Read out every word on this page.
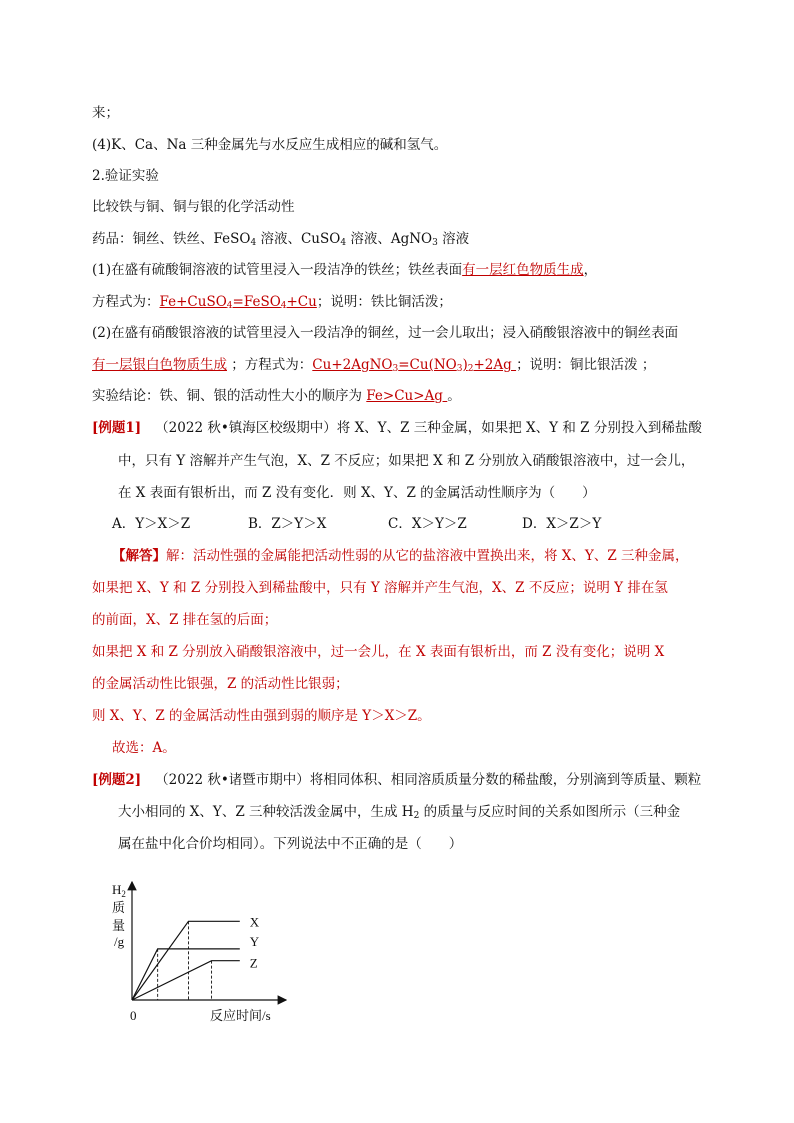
来；
(4)K、Ca、Na 三种金属先与水反应生成相应的碱和氢气。
2.验证实验
比较铁与铜、铜与银的化学活动性
药品：铜丝、铁丝、FeSO$_4$ 溶液、CuSO$_4$ 溶液、AgNO$_3$ 溶液
(1)在盛有硫酸铜溶液的试管里浸入一段洁净的铁丝；铁丝表面有一层红色物质生成，
方程式为：Fe+CuSO$_4$=FeSO$_4$+Cu；说明：铁比铜活泼；
(2)在盛有硝酸银溶液的试管里浸入一段洁净的铜丝，过一会儿取出；浸入硝酸银溶液中的铜丝表面
有一层银白色物质生成 ；方程式为：$Cu+2AgNO_3=Cu(NO_3)_2+2Ag$ ；说明：铜比银活泼 ；
实验结论：铁、铜、银的活动性大小的顺序为 Fe>Cu>Ag 。
[例题1] （2022 秋•镇海区校级期中）将 X、Y、Z 三种金属，如果把 X、Y 和 Z 分别投入到稀盐酸
中，只有 Y 溶解并产生气泡，X、Z 不反应；如果把 X 和 Z 分别放入硝酸银溶液中，过一会儿，
在 X 表面有银析出，而 Z 没有变化．则 X、Y、Z 的金属活动性顺序为（　　）
A．Y＞X＞Z	B．Z＞Y＞X	C．X＞Y＞Z	D．X＞Z＞Y
【解答】解：活动性强的金属能把活动性弱的从它的盐溶液中置换出来，将 X、Y、Z 三种金属，
如果把 X、Y 和 Z 分别投入到稀盐酸中，只有 Y 溶解并产生气泡，X、Z 不反应；说明 Y 排在氢
的前面，X、Z 排在氢的后面；
如果把 X 和 Z 分别放入硝酸银溶液中，过一会儿，在 X 表面有银析出，而 Z 没有变化；说明 X
的金属活动性比银强，Z 的活动性比银弱；
则 X、Y、Z 的金属活动性由强到弱的顺序是 Y＞X＞Z。
故选：A。
[例题2] （2022 秋•诸暨市期中）将相同体积、相同溶质质量分数的稀盐酸，分别滴到等质量、颗粒
大小相同的 X、Y、Z 三种较活泼金属中，生成 $H_2$ 的质量与反应时间的关系如图所示（三种金
属在盐中化合价均相同）。下列说法中不正确的是（　　）
$H_2$
质
量
/g
0	反应时间/s
X
Y
Z
